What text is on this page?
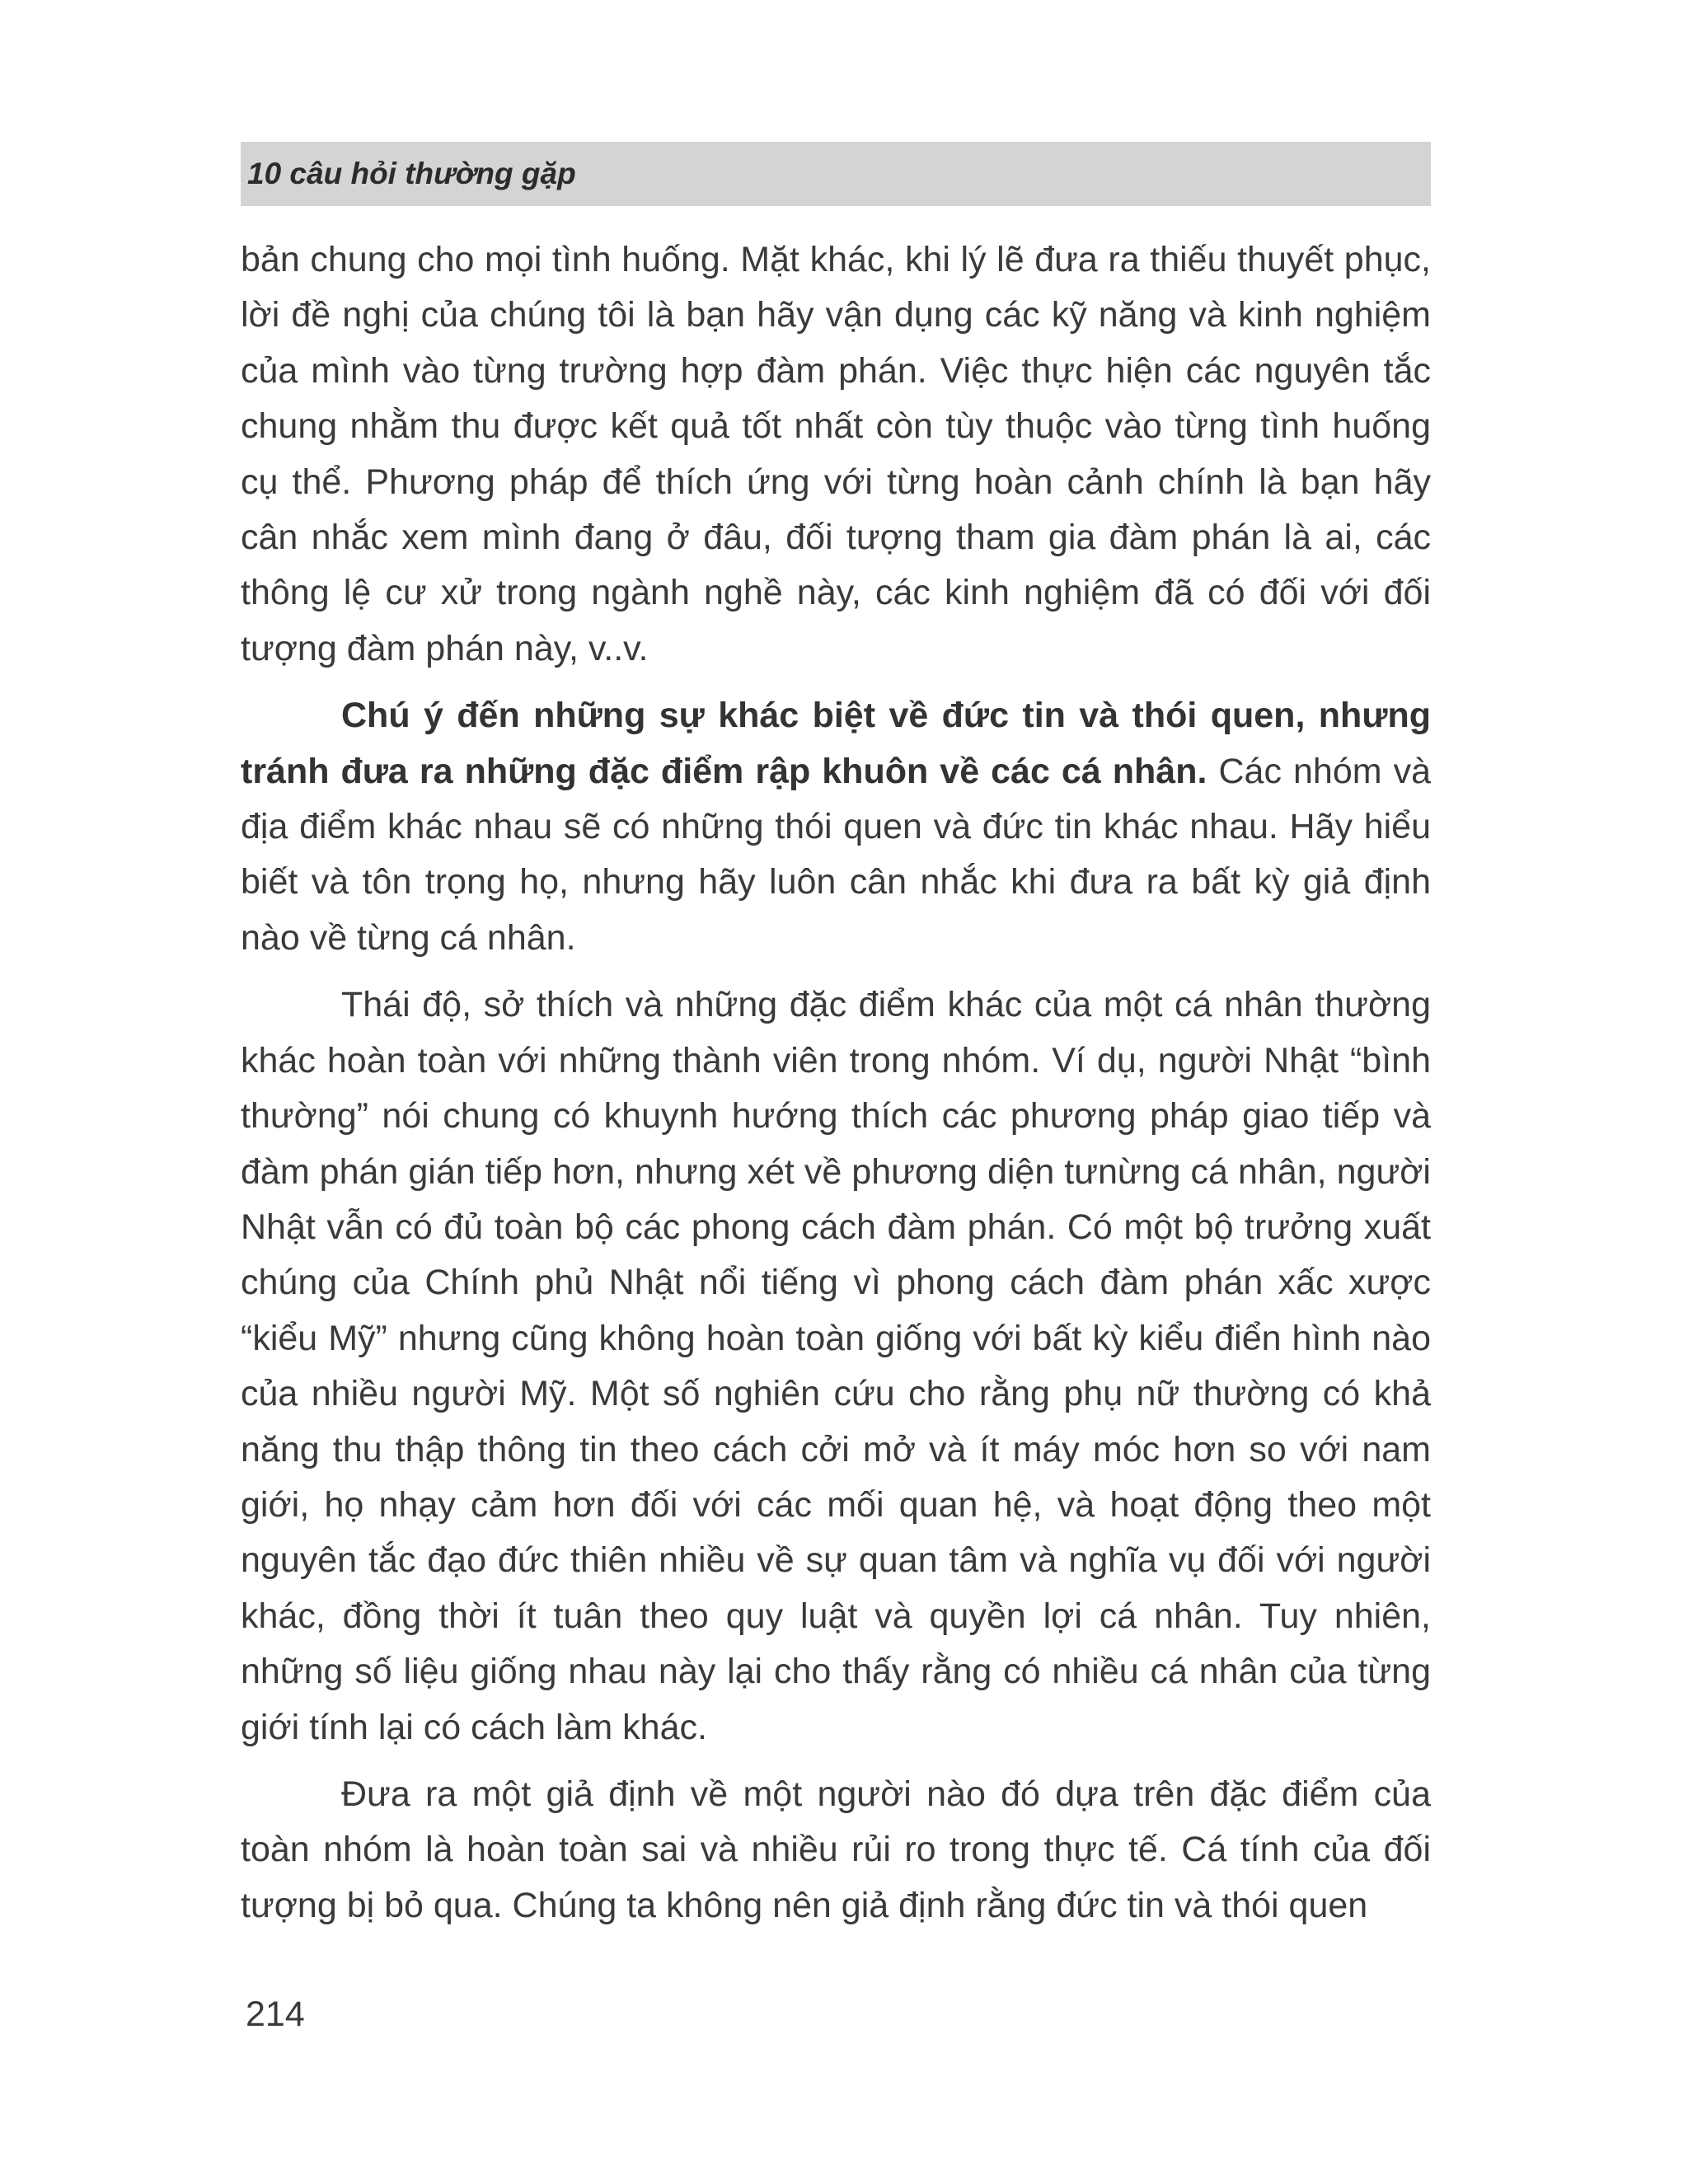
10 câu hỏi thường gặp

bản chung cho mọi tình huống. Mặt khác, khi lý lẽ đưa ra thiếu thuyết phục, lời đề nghị của chúng tôi là bạn hãy vận dụng các kỹ năng và kinh nghiệm của mình vào từng trường hợp đàm phán. Việc thực hiện các nguyên tắc chung nhằm thu được kết quả tốt nhất còn tùy thuộc vào từng tình huống cụ thể. Phương pháp để thích ứng với từng hoàn cảnh chính là bạn hãy cân nhắc xem mình đang ở đâu, đối tượng tham gia đàm phán là ai, các thông lệ cư xử trong ngành nghề này, các kinh nghiệm đã có đối với đối tượng đàm phán này, v..v.

Chú ý đến những sự khác biệt về đức tin và thói quen, nhưng tránh đưa ra những đặc điểm rập khuôn về các cá nhân. Các nhóm và địa điểm khác nhau sẽ có những thói quen và đức tin khác nhau. Hãy hiểu biết và tôn trọng họ, nhưng hãy luôn cân nhắc khi đưa ra bất kỳ giả định nào về từng cá nhân.

Thái độ, sở thích và những đặc điểm khác của một cá nhân thường khác hoàn toàn với những thành viên trong nhóm. Ví dụ, người Nhật “bình thường” nói chung có khuynh hướng thích các phương pháp giao tiếp và đàm phán gián tiếp hơn, nhưng xét về phương diện tưnừng cá nhân, người Nhật vẫn có đủ toàn bộ các phong cách đàm phán. Có một bộ trưởng xuất chúng của Chính phủ Nhật nổi tiếng vì phong cách đàm phán xấc xược “kiểu Mỹ” nhưng cũng không hoàn toàn giống với bất kỳ kiểu điển hình nào của nhiều người Mỹ. Một số nghiên cứu cho rằng phụ nữ thường có khả năng thu thập thông tin theo cách cởi mở và ít máy móc hơn so với nam giới, họ nhạy cảm hơn đối với các mối quan hệ, và hoạt động theo một nguyên tắc đạo đức thiên nhiều về sự quan tâm và nghĩa vụ đối với người khác, đồng thời ít tuân theo quy luật và quyền lợi cá nhân. Tuy nhiên, những số liệu giống nhau này lại cho thấy rằng có nhiều cá nhân của từng giới tính lại có cách làm khác.

Đưa ra một giả định về một người nào đó dựa trên đặc điểm của toàn nhóm là hoàn toàn sai và nhiều rủi ro trong thực tế. Cá tính của đối tượng bị bỏ qua. Chúng ta không nên giả định rằng đức tin và thói quen

214
